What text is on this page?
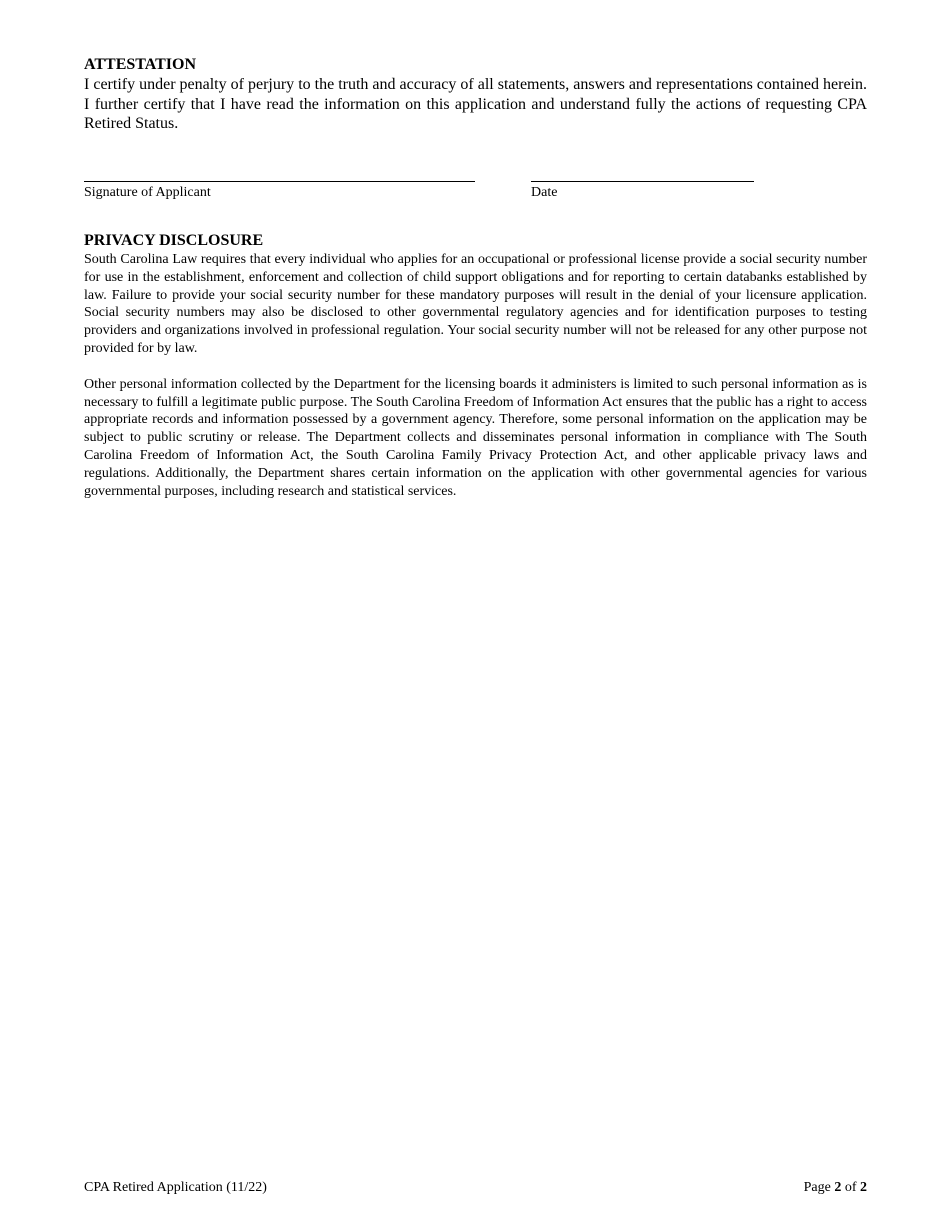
ATTESTATION

I certify under penalty of perjury to the truth and accuracy of all statements, answers and representations contained herein. I further certify that I have read the information on this application and understand fully the actions of requesting CPA Retired Status.

Signature of Applicant	Date
PRIVACY DISCLOSURE

South Carolina Law requires that every individual who applies for an occupational or professional license provide a social security number for use in the establishment, enforcement and collection of child support obligations and for reporting to certain databanks established by law. Failure to provide your social security number for these mandatory purposes will result in the denial of your licensure application. Social security numbers may also be disclosed to other governmental regulatory agencies and for identification purposes to testing providers and organizations involved in professional regulation. Your social security number will not be released for any other purpose not provided for by law.

Other personal information collected by the Department for the licensing boards it administers is limited to such personal information as is necessary to fulfill a legitimate public purpose. The South Carolina Freedom of Information Act ensures that the public has a right to access appropriate records and information possessed by a government agency. Therefore, some personal information on the application may be subject to public scrutiny or release. The Department collects and disseminates personal information in compliance with The South Carolina Freedom of Information Act, the South Carolina Family Privacy Protection Act, and other applicable privacy laws and regulations. Additionally, the Department shares certain information on the application with other governmental agencies for various governmental purposes, including research and statistical services.

CPA Retired Application (11/22)	Page 2 of 2
